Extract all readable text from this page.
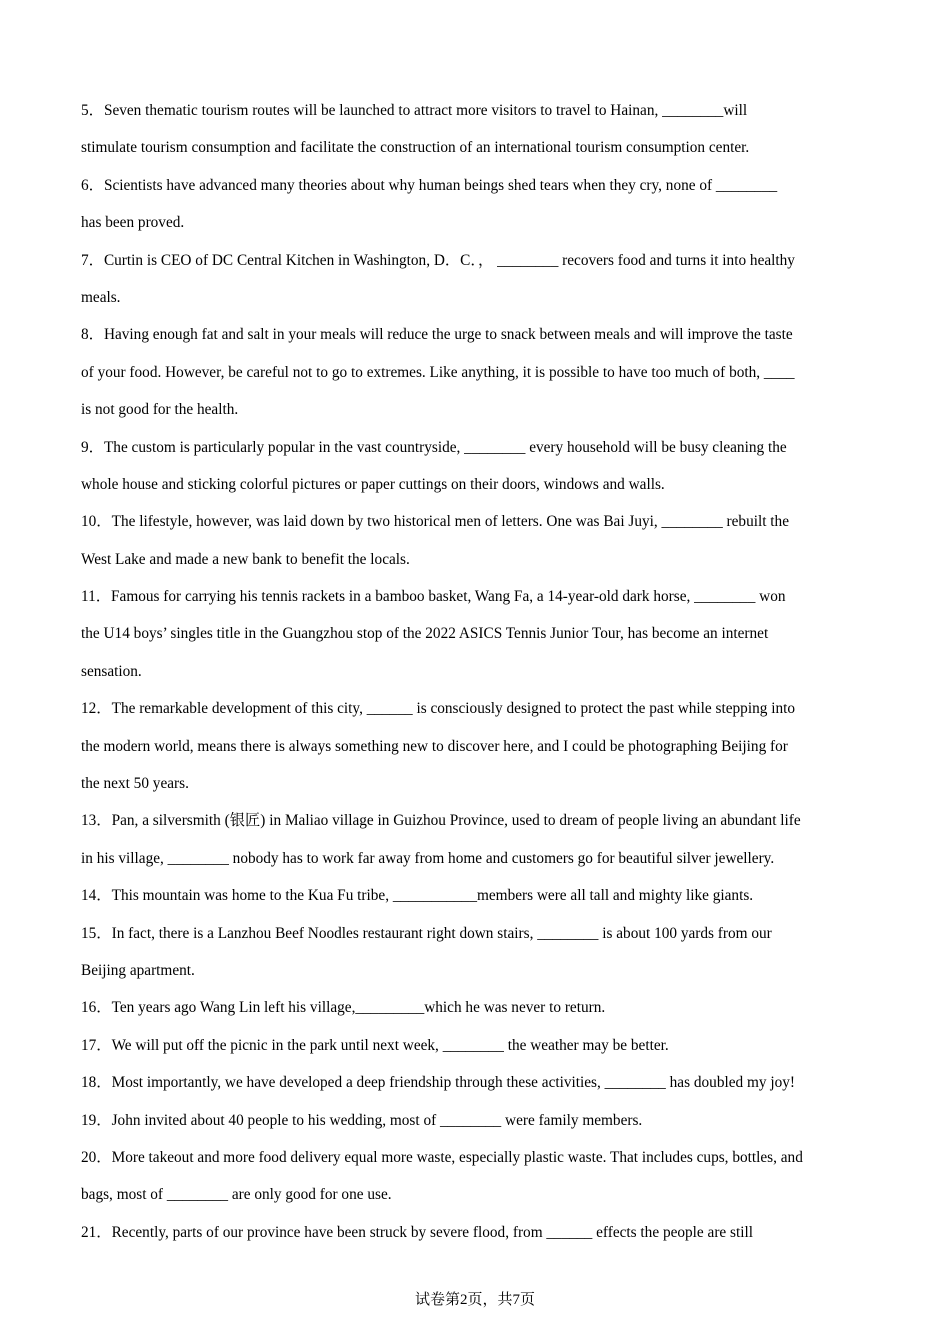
5．Seven thematic tourism routes will be launched to attract more visitors to travel to Hainan, ________will
stimulate tourism consumption and facilitate the construction of an international tourism consumption center.
6．Scientists have advanced many theories about why human beings shed tears when they cry, none of ________
has been proved.
7．Curtin is CEO of DC Central Kitchen in Washington, D．C．， ________ recovers food and turns it into healthy
meals.
8．Having enough fat and salt in your meals will reduce the urge to snack between meals and will improve the taste
of your food. However, be careful not to go to extremes. Like anything, it is possible to have too much of both, ____
is not good for the health.
9．The custom is particularly popular in the vast countryside, ________ every household will be busy cleaning the
whole house and sticking colorful pictures or paper cuttings on their doors, windows and walls.
10．The lifestyle, however, was laid down by two historical men of letters. One was Bai Juyi, ________ rebuilt the
West Lake and made a new bank to benefit the locals.
11．Famous for carrying his tennis rackets in a bamboo basket, Wang Fa, a 14-year-old dark horse, ________ won
the U14 boys’ singles title in the Guangzhou stop of the 2022 ASICS Tennis Junior Tour, has become an internet
sensation.
12．The remarkable development of this city, ______ is consciously designed to protect the past while stepping into
the modern world, means there is always something new to discover here, and I could be photographing Beijing for
the next 50 years.
13．Pan, a silversmith (银匠) in Maliao village in Guizhou Province, used to dream of people living an abundant life
in his village, ________ nobody has to work far away from home and customers go for beautiful silver jewellery.
14．This mountain was home to the Kua Fu tribe, ___________members were all tall and mighty like giants.
15．In fact, there is a Lanzhou Beef Noodles restaurant right down stairs, ________ is about 100 yards from our
Beijing apartment.
16．Ten years ago Wang Lin left his village,_________which he was never to return.
17．We will put off the picnic in the park until next week, ________ the weather may be better.
18．Most importantly, we have developed a deep friendship through these activities, ________ has doubled my joy!
19．John invited about 40 people to his wedding, most of ________ were family members.
20．More takeout and more food delivery equal more waste, especially plastic waste. That includes cups, bottles, and
bags, most of ________ are only good for one use.
21．Recently, parts of our province have been struck by severe flood, from ______ effects the people are still
试卷第2页，共7页
